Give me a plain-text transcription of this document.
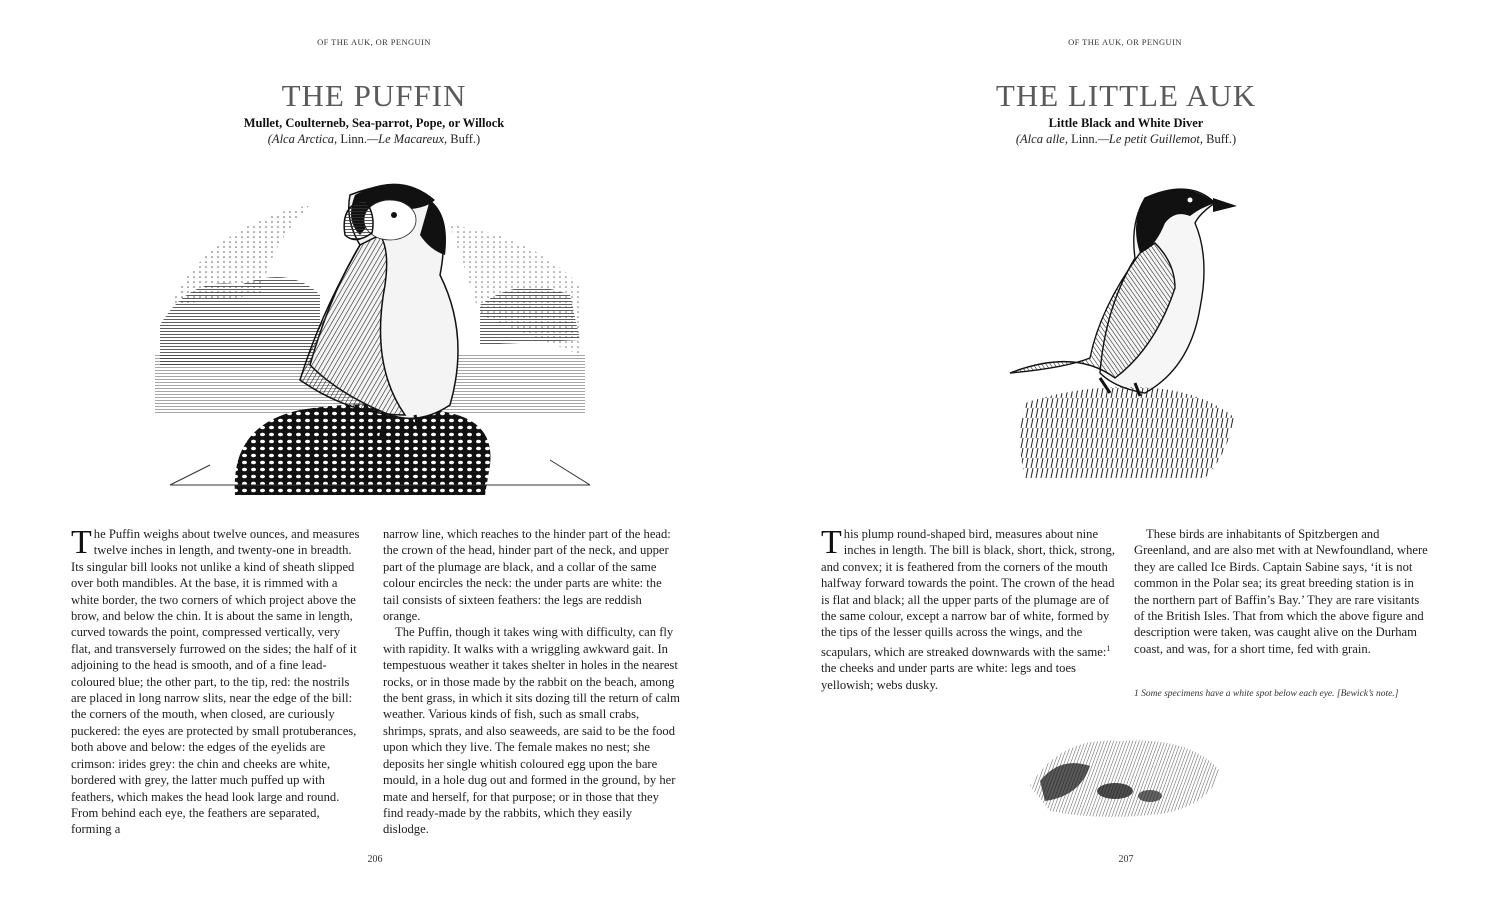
OF THE AUK, OR PENGUIN
THE PUFFIN
Mullet, Coulterneb, Sea-parrot, Pope, or Willock
(Alca Arctica, Linn.—Le Macareux, Buff.)

The Puffin weighs about twelve ounces, and measures twelve inches in length, and twenty-one in breadth. Its singular bill looks not unlike a kind of sheath slipped over both mandibles. At the base, it is rimmed with a white border, the two corners of which project above the brow, and below the chin. It is about the same in length, curved towards the point, compressed vertically, very flat, and transversely furrowed on the sides; the half of it adjoining to the head is smooth, and of a fine lead-coloured blue; the other part, to the tip, red: the nostrils are placed in long narrow slits, near the edge of the bill: the corners of the mouth, when closed, are curiously puckered: the eyes are protected by small protuberances, both above and below: the edges of the eyelids are crimson: irides grey: the chin and cheeks are white, bordered with grey, the latter much puffed up with feathers, which makes the head look large and round. From behind each eye, the feathers are separated, forming a

narrow line, which reaches to the hinder part of the head: the crown of the head, hinder part of the neck, and upper part of the plumage are black, and a collar of the same colour encircles the neck: the under parts are white: the tail consists of sixteen feathers: the legs are reddish orange.

The Puffin, though it takes wing with difficulty, can fly with rapidity. It walks with a wriggling awkward gait. In tempestuous weather it takes shelter in holes in the nearest rocks, or in those made by the rabbit on the beach, among the bent grass, in which it sits dozing till the return of calm weather. Various kinds of fish, such as small crabs, shrimps, sprats, and also seaweeds, are said to be the food upon which they live. The female makes no nest; she deposits her single whitish coloured egg upon the bare mould, in a hole dug out and formed in the ground, by her mate and herself, for that purpose; or in those that they find ready-made by the rabbits, which they easily dislodge.

206
OF THE AUK, OR PENGUIN
THE LITTLE AUK
Little Black and White Diver
(Alca alle, Linn.—Le petit Guillemot, Buff.)

This plump round-shaped bird, measures about nine inches in length. The bill is black, short, thick, strong, and convex; it is feathered from the corners of the mouth halfway forward towards the point. The crown of the head is flat and black; all the upper parts of the plumage are of the same colour, except a narrow bar of white, formed by the tips of the lesser quills across the wings, and the scapulars, which are streaked downwards with the same:$^1$ the cheeks and under parts are white: legs and toes yellowish; webs dusky.

These birds are inhabitants of Spitzbergen and Greenland, and are also met with at Newfoundland, where they are called Ice Birds. Captain Sabine says, ‘it is not common in the Polar sea; its great breeding station is in the northern part of Baffin’s Bay.’ They are rare visitants of the British Isles. That from which the above figure and description were taken, was caught alive on the Durham coast, and was, for a short time, fed with grain.

1 Some specimens have a white spot below each eye. [Bewick’s note.]
207
